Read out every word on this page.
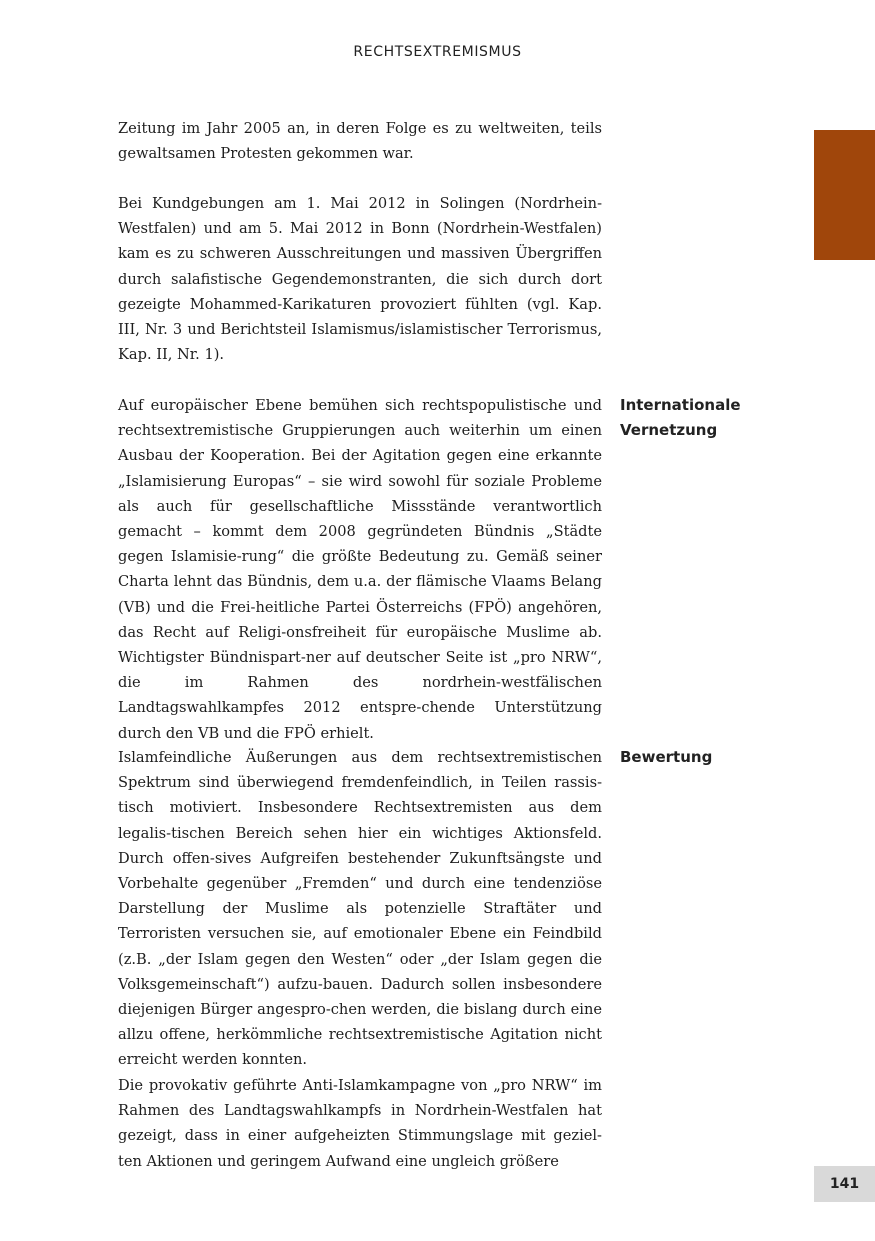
RECHTSEXTREMISMUS

Zeitung im Jahr 2005 an, in deren Folge es zu weltweiten, teils gewaltsamen Protesten gekommen war.

Bei Kundgebungen am 1. Mai 2012 in Solingen (Nordrhein-Westfalen) und am 5. Mai 2012 in Bonn (Nordrhein-Westfalen) kam es zu schweren Ausschreitungen und massiven Übergriffen durch salafistische Gegendemonstranten, die sich durch dort gezeigte Mohammed-Karikaturen provoziert fühlten (vgl. Kap. III, Nr. 3 und Berichtsteil Islamismus/islamistischer Terrorismus, Kap. II, Nr. 1).

Auf europäischer Ebene bemühen sich rechtspopulistische und rechtsextremistische Gruppierungen auch weiterhin um einen Ausbau der Kooperation. Bei der Agitation gegen eine erkannte „Islamisierung Europas“ – sie wird sowohl für soziale Probleme als auch für gesellschaftliche Missstände verantwortlich gemacht – kommt dem 2008 gegründeten Bündnis „Städte gegen Islamisie-rung“ die größte Bedeutung zu. Gemäß seiner Charta lehnt das Bündnis, dem u.a. der flämische Vlaams Belang (VB) und die Frei-heitliche Partei Österreichs (FPÖ) angehören, das Recht auf Religi-onsfreiheit für europäische Muslime ab. Wichtigster Bündnispart-ner auf deutscher Seite ist „pro NRW“, die im Rahmen des nordrhein-westfälischen Landtagswahlkampfes 2012 entspre-chende Unterstützung durch den VB und die FPÖ erhielt.

Islamfeindliche Äußerungen aus dem rechtsextremistischen Spektrum sind überwiegend fremdenfeindlich, in Teilen rassis-tisch motiviert. Insbesondere Rechtsextremisten aus dem legalis-tischen Bereich sehen hier ein wichtiges Aktionsfeld. Durch offen-sives Aufgreifen bestehender Zukunftsängste und Vorbehalte gegenüber „Fremden“ und durch eine tendenziöse Darstellung der Muslime als potenzielle Straftäter und Terroristen versuchen sie, auf emotionaler Ebene ein Feindbild (z.B. „der Islam gegen den Westen“ oder „der Islam gegen die Volksgemeinschaft“) aufzu-bauen. Dadurch sollen insbesondere diejenigen Bürger angespro-chen werden, die bislang durch eine allzu offene, herkömmliche rechtsextremistische Agitation nicht erreicht werden konnten.

Die provokativ geführte Anti-Islamkampagne von „pro NRW“ im Rahmen des Landtagswahlkampfs in Nordrhein-Westfalen hat gezeigt, dass in einer aufgeheizten Stimmungslage mit geziel-ten Aktionen und geringem Aufwand eine ungleich größere

Internationale
Vernetzung
Bewertung
141
